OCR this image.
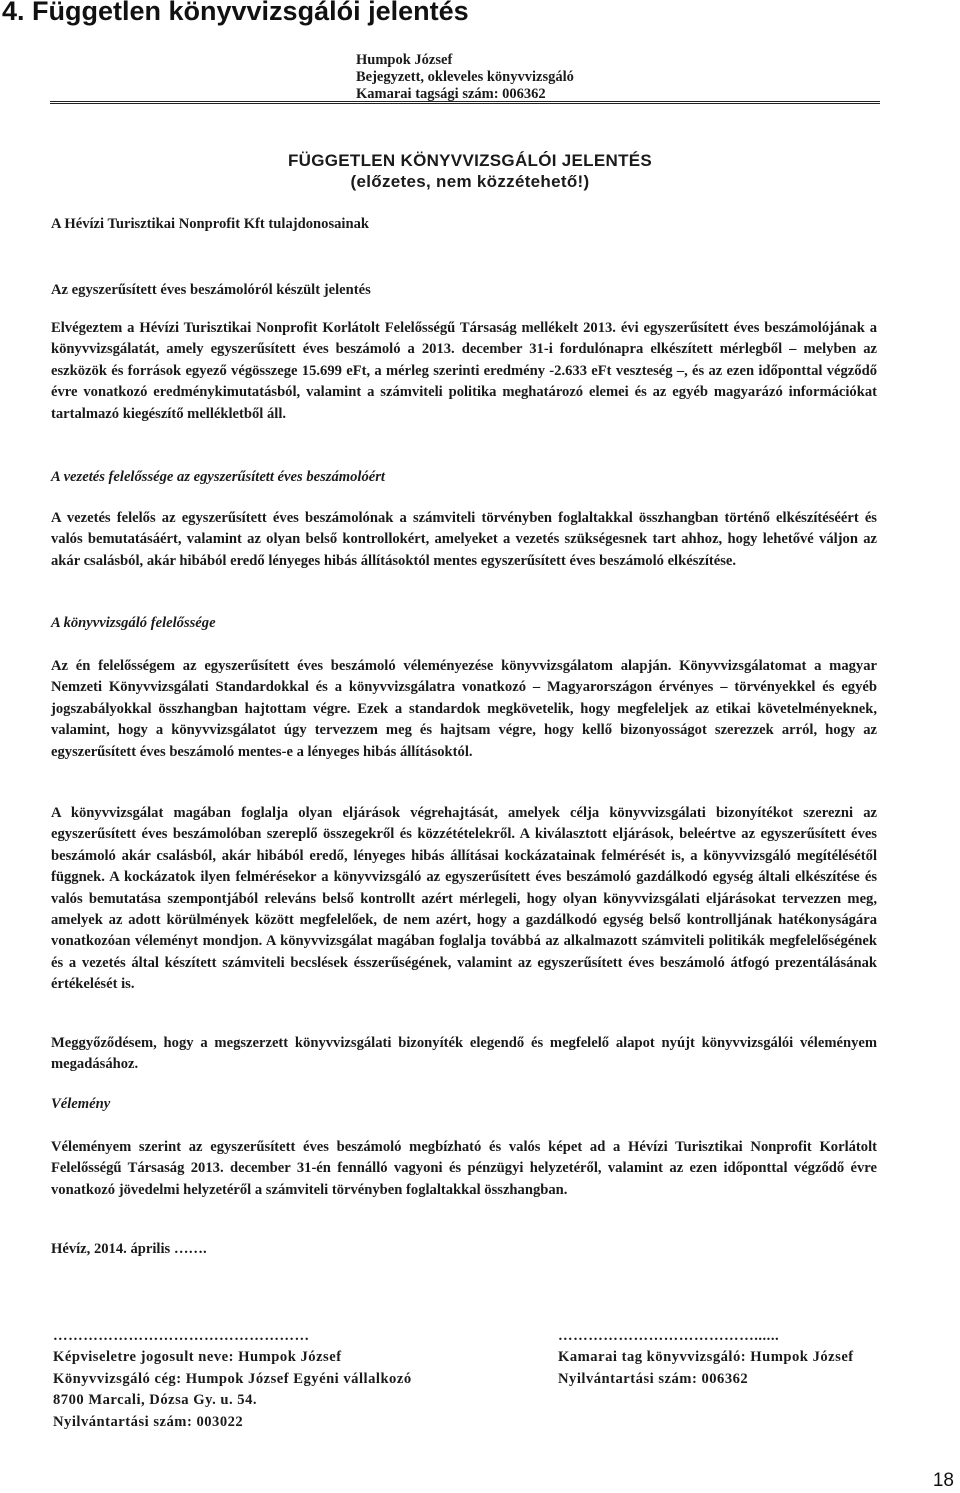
4. Független könyvvizsgálói jelentés
Humpok József
Bejegyzett, okleveles könyvvizsgáló
Kamarai tagsági szám: 006362
FÜGGETLEN KÖNYVVIZSGÁLÓI JELENTÉS
(előzetes, nem közzétehető!)
A Hévízi Turisztikai Nonprofit Kft tulajdonosainak
Az egyszerűsített éves beszámolóról készült jelentés

Elvégeztem a Hévízi Turisztikai Nonprofit Korlátolt Felelősségű Társaság mellékelt 2013. évi egyszerűsített éves beszámolójának a könyvvizsgálatát, amely egyszerűsített éves beszámoló a 2013. december 31-i fordulónapra elkészített mérlegből – melyben az eszközök és források egyező végösszege 15.699 eFt, a mérleg szerinti eredmény -2.633 eFt veszteség –, és az ezen időponttal végződő évre vonatkozó eredménykimutatásból, valamint a számviteli politika meghatározó elemei és az egyéb magyarázó információkat tartalmazó kiegészítő mellékletből áll.

A vezetés felelőssége az egyszerűsített éves beszámolóért

A vezetés felelős az egyszerűsített éves beszámolónak a számviteli törvényben foglaltakkal összhangban történő elkészítéséért és valós bemutatásáért, valamint az olyan belső kontrollokért, amelyeket a vezetés szükségesnek tart ahhoz, hogy lehetővé váljon az akár csalásból, akár hibából eredő lényeges hibás állításoktól mentes egyszerűsített éves beszámoló elkészítése.

A könyvvizsgáló felelőssége

Az én felelősségem az egyszerűsített éves beszámoló véleményezése könyvvizsgálatom alapján. Könyvvizsgálatomat a magyar Nemzeti Könyvvizsgálati Standardokkal és a könyvvizsgálatra vonatkozó – Magyarországon érvényes – törvényekkel és egyéb jogszabályokkal összhangban hajtottam végre. Ezek a standardok megkövetelik, hogy megfeleljek az etikai követelményeknek, valamint, hogy a könyvvizsgálatot úgy tervezzem meg és hajtsam végre, hogy kellő bizonyosságot szerezzek arról, hogy az egyszerűsített éves beszámoló mentes-e a lényeges hibás állításoktól.

A könyvvizsgálat magában foglalja olyan eljárások végrehajtását, amelyek célja könyvvizsgálati bizonyítékot szerezni az egyszerűsített éves beszámolóban szereplő összegekről és közzétételekről. A kiválasztott eljárások, beleértve az egyszerűsített éves beszámoló akár csalásból, akár hibából eredő, lényeges hibás állításai kockázatainak felmérését is, a könyvvizsgáló megítélésétől függnek. A kockázatok ilyen felmérésekor a könyvvizsgáló az egyszerűsített éves beszámoló gazdálkodó egység általi elkészítése és valós bemutatása szempontjából releváns belső kontrollt azért mérlegeli, hogy olyan könyvvizsgálati eljárásokat tervezzen meg, amelyek az adott körülmények között megfelelőek, de nem azért, hogy a gazdálkodó egység belső kontrolljának hatékonyságára vonatkozóan véleményt mondjon. A könyvvizsgálat magában foglalja továbbá az alkalmazott számviteli politikák megfelelőségének és a vezetés által készített számviteli becslések ésszerűségének, valamint az egyszerűsített éves beszámoló átfogó prezentálásának értékelését is.

Meggyőződésem, hogy a megszerzett könyvvizsgálati bizonyíték elegendő és megfelelő alapot nyújt könyvvizsgálói véleményem megadásához.

Vélemény

Véleményem szerint az egyszerűsített éves beszámoló megbízható és valós képet ad a Hévízi Turisztikai Nonprofit Korlátolt Felelősségű Társaság 2013. december 31-én fennálló vagyoni és pénzügyi helyzetéről, valamint az ezen időponttal végződő évre vonatkozó jövedelmi helyzetéről a számviteli törvényben foglaltakkal összhangban.

Hévíz, 2014. április …….
……………………………………………
Képviseletre jogosult neve: Humpok József
Könyvvizsgáló cég: Humpok József Egyéni vállalkozó
8700 Marcali, Dózsa Gy. u. 54.
Nyilvántartási szám: 003022
…………………………………......
Kamarai tag könyvvizsgáló: Humpok József
Nyilvántartási szám: 006362
18
